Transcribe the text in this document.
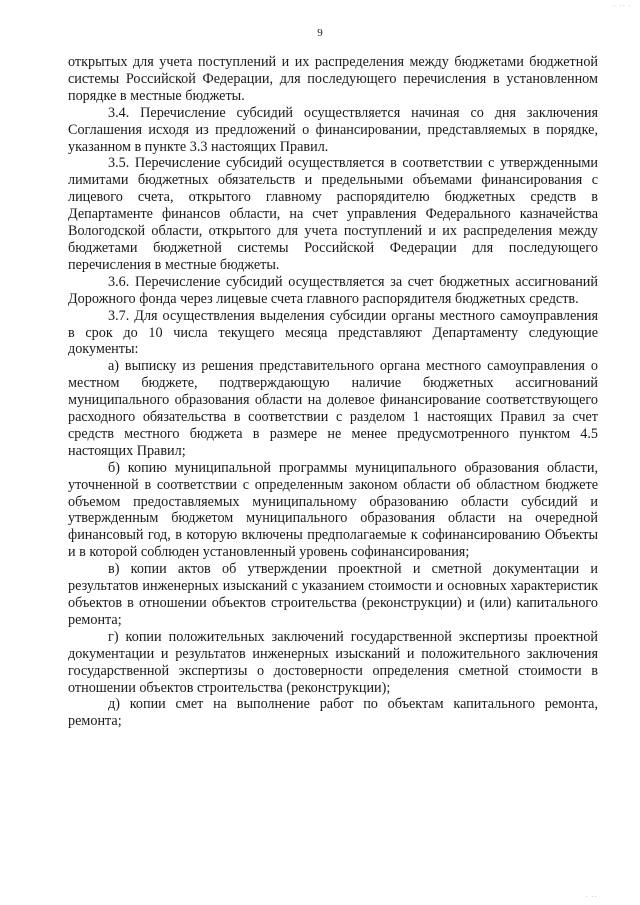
· ·· ·
9

открытых для учета поступлений и их распределения между бюджетами бюджетной системы Российской Федерации, для последующего перечисления в установленном порядке в местные бюджеты.

3.4. Перечисление субсидий осуществляется начиная со дня заключения Соглашения исходя из предложений о финансировании, представляемых в порядке, указанном в пункте 3.3 настоящих Правил.

3.5. Перечисление субсидий осуществляется в соответствии с утвержденными лимитами бюджетных обязательств и предельными объемами финансирования с лицевого счета, открытого главному распорядителю бюджетных средств в Департаменте финансов области, на счет управления Федерального казначейства Вологодской области, открытого для учета поступлений и их распределения между бюджетами бюджетной системы Российской Федерации для последующего перечисления в местные бюджеты.

3.6. Перечисление субсидий осуществляется за счет бюджетных ассигнований Дорожного фонда через лицевые счета главного распорядителя бюджетных средств.

3.7. Для осуществления выделения субсидии органы местного самоуправления в срок до 10 числа текущего месяца представляют Департаменту следующие документы:

а) выписку из решения представительного органа местного самоуправления о местном бюджете, подтверждающую наличие бюджетных ассигнований муниципального образования области на долевое финансирование соответствующего расходного обязательства в соответствии с разделом 1 настоящих Правил за счет средств местного бюджета в размере не менее предусмотренного пунктом 4.5 настоящих Правил;

б) копию муниципальной программы муниципального образования области, уточненной в соответствии с определенным законом области об областном бюджете объемом предоставляемых муниципальному образованию области субсидий и утвержденным бюджетом муниципального образования области на очередной финансовый год, в которую включены предполагаемые к софинансированию Объекты и в которой соблюден установленный уровень софинансирования;

в) копии актов об утверждении проектной и сметной документации и результатов инженерных изысканий с указанием стоимости и основных характеристик объектов в отношении объектов строительства (реконструкции) и (или) капитального ремонта;

г) копии положительных заключений государственной экспертизы проектной документации и результатов инженерных изысканий и положительного заключения государственной экспертизы о достоверности определения сметной стоимости в отношении объектов строительства (реконструкции);

д) копии смет на выполнение работ по объектам капитального ремонта, ремонта;

· ··
